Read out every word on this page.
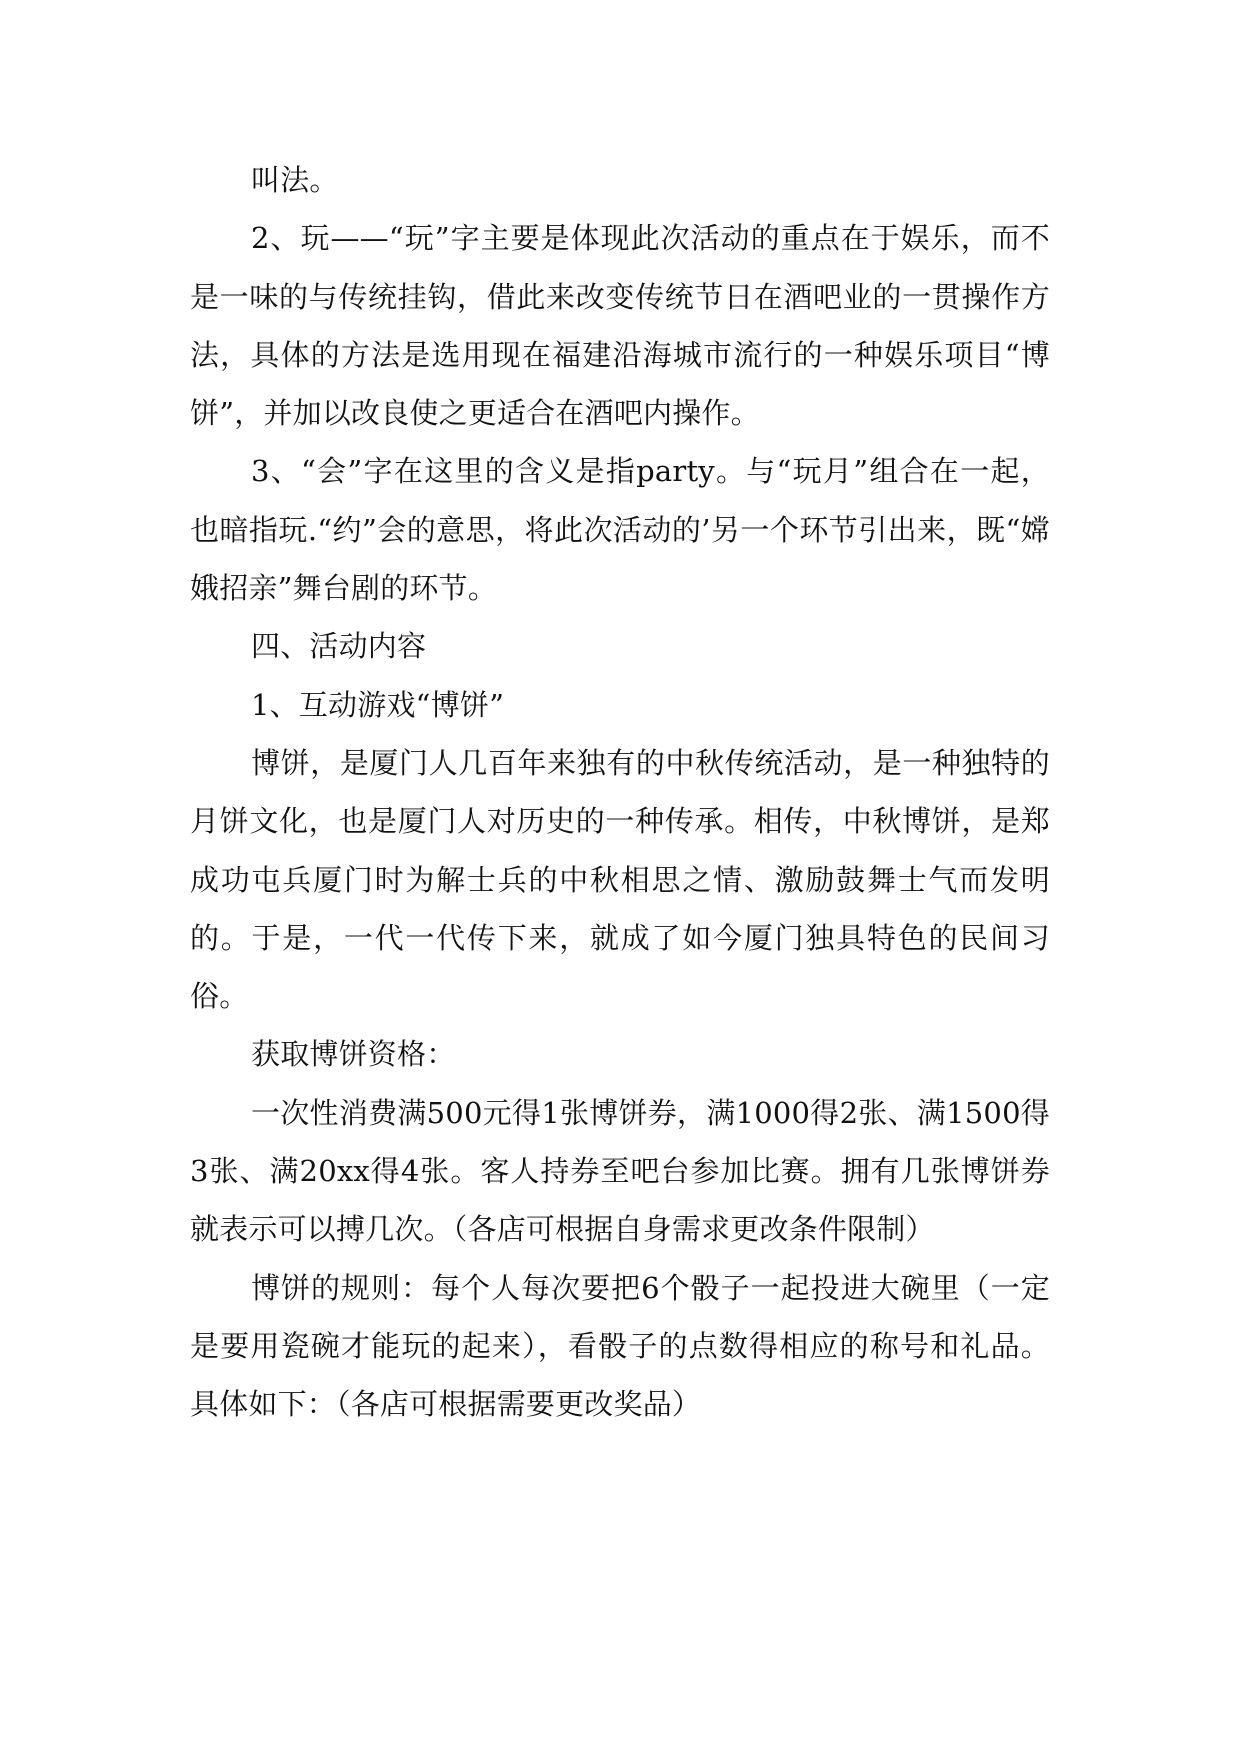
叫法。

2、玩——“玩”字主要是体现此次活动的重点在于娱乐，而不是一味的与传统挂钩，借此来改变传统节日在酒吧业的一贯操作方法，具体的方法是选用现在福建沿海城市流行的一种娱乐项目“博饼”，并加以改良使之更适合在酒吧内操作。

3、“会”字在这里的含义是指party。与“玩月”组合在一起，也暗指玩.“约”会的意思，将此次活动的’另一个环节引出来，既“嫦娥招亲”舞台剧的环节。

四、活动内容

1、互动游戏“博饼”

博饼，是厦门人几百年来独有的中秋传统活动，是一种独特的月饼文化，也是厦门人对历史的一种传承。相传，中秋博饼，是郑成功屯兵厦门时为解士兵的中秋相思之情、激励鼓舞士气而发明的。于是，一代一代传下来，就成了如今厦门独具特色的民间习俗。

获取博饼资格：

一次性消费满500元得1张博饼券，满1000得2张、满1500得3张、满20xx得4张。客人持券至吧台参加比赛。拥有几张博饼券就表示可以搏几次。（各店可根据自身需求更改条件限制）

博饼的规则：每个人每次要把6个骰子一起投进大碗里（一定是要用瓷碗才能玩的起来），看骰子的点数得相应的称号和礼品。具体如下：（各店可根据需要更改奖品）
